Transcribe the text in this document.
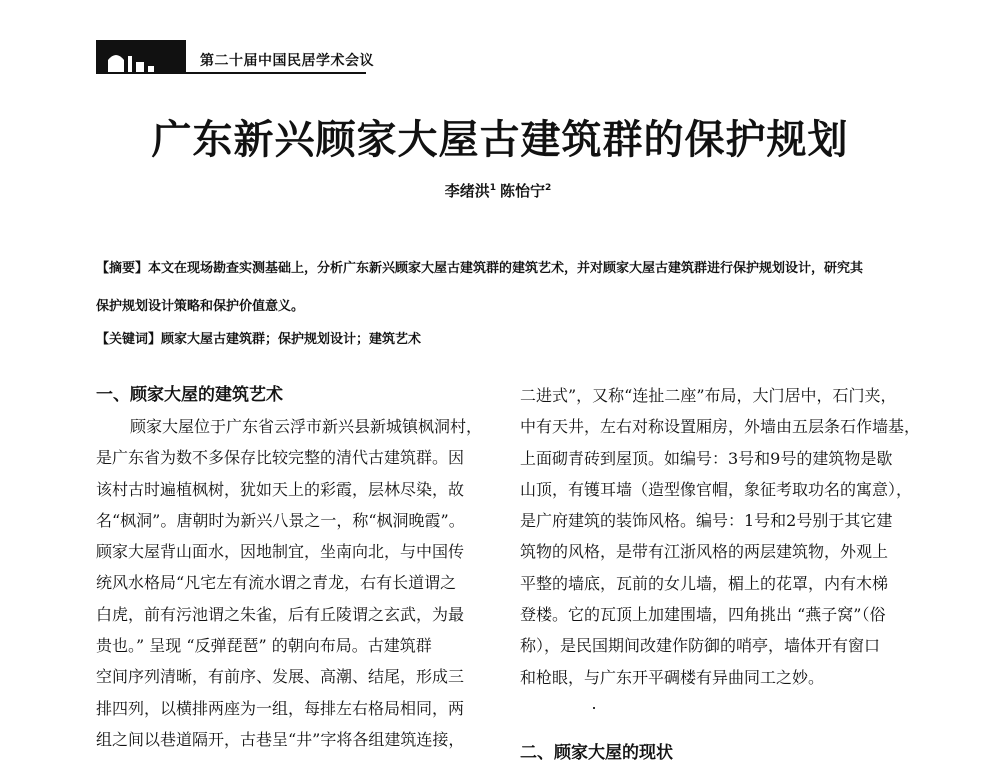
第二十届中国民居学术会议
广东新兴顾家大屋古建筑群的保护规划
李绪洪$^1$ 陈怡宁$^2$
【摘要】本文在现场勘查实测基础上，分析广东新兴顾家大屋古建筑群的建筑艺术，并对顾家大屋古建筑群进行保护规划设计，研究其
保护规划设计策略和保护价值意义。
【关键词】顾家大屋古建筑群；保护规划设计；建筑艺术
一、顾家大屋的建筑艺术
顾家大屋位于广东省云浮市新兴县新城镇枫洞村，
是广东省为数不多保存比较完整的清代古建筑群。因
该村古时遍植枫树，犹如天上的彩霞，层林尽染，故
名“枫洞”。唐朝时为新兴八景之一，称“枫洞晚霞”。
顾家大屋背山面水，因地制宜，坐南向北，与中国传
统风水格局“凡宅左有流水谓之青龙，右有长道谓之
白虎，前有污池谓之朱雀，后有丘陵谓之玄武，为最
贵也。” 呈现 “反弹琵琶” 的朝向布局。古建筑群
空间序列清晰，有前序、发展、高潮、结尾，形成三
排四列，以横排两座为一组，每排左右格局相同，两
组之间以巷道隔开，古巷呈“井”字将各组建筑连接，
二进式”，又称“连扯二座”布局，大门居中，石门夹，
中有天井，左右对称设置厢房，外墙由五层条石作墙基，
上面砌青砖到屋顶。如编号：3号和9号的建筑物是歇
山顶，有镬耳墙（造型像官帽，象征考取功名的寓意），
是广府建筑的装饰风格。编号：1号和2号别于其它建
筑物的风格，是带有江浙风格的两层建筑物，外观上
平整的墙底，瓦前的女儿墙，楣上的花罩，内有木梯
登楼。它的瓦顶上加建围墙，四角挑出 “燕子窝”（俗
称），是民国期间改建作防御的哨亭，墙体开有窗口
和枪眼，与广东开平碉楼有异曲同工之妙。
二、顾家大屋的现状
